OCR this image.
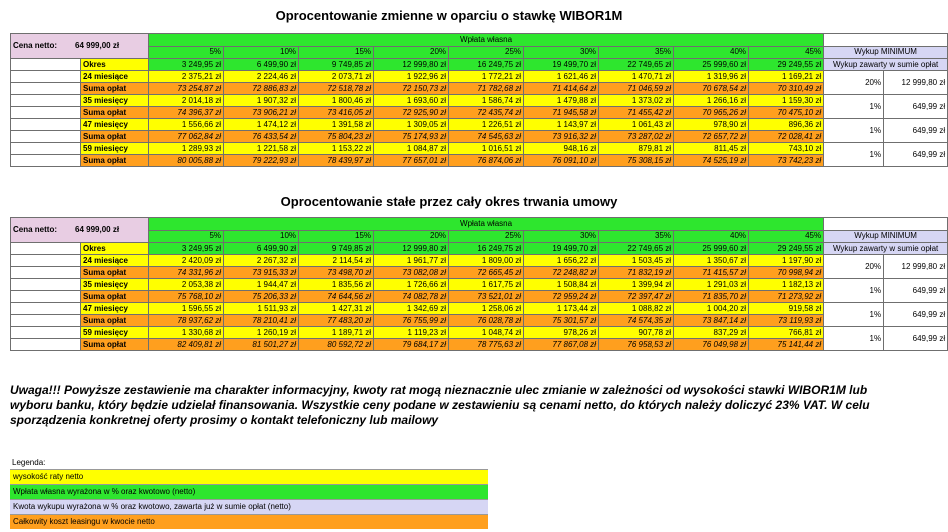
Oprocentowanie zmienne w oparciu o stawkę WIBOR1M
Cena netto: 64 999,00 zł		Wpłata własna										
		5%	10%	15%	20%	25%	30%	35%	40%	45%	Wykup MINIMUM	
	Okres	3 249,95 zł	6 499,90 zł	9 749,85 zł	12 999,80 zł	16 249,75 zł	19 499,70 zł	22 749,65 zł	25 999,60 zł	29 249,55 zł	Wykup zawarty w sumie opłat	
	24 miesiące	2 375,21 zł	2 224,46 zł	2 073,71 zł	1 922,96 zł	1 772,21 zł	1 621,46 zł	1 470,71 zł	1 319,96 zł	1 169,21 zł	20%	12 999,80 zł
	Suma opłat	73 254,87 zł	72 886,83 zł	72 518,78 zł	72 150,73 zł	71 782,68 zł	71 414,64 zł	71 046,59 zł	70 678,54 zł	70 310,49 zł		
	35 miesięcy	2 014,18 zł	1 907,32 zł	1 800,46 zł	1 693,60 zł	1 586,74 zł	1 479,88 zł	1 373,02 zł	1 266,16 zł	1 159,30 zł	1%	649,99 zł
	Suma opłat	74 396,37 zł	73 906,21 zł	73 416,05 zł	72 925,90 zł	72 435,74 zł	71 945,58 zł	71 455,42 zł	70 965,26 zł	70 475,10 zł		
	47 miesięcy	1 556,66 zł	1 474,12 zł	1 391,58 zł	1 309,05 zł	1 226,51 zł	1 143,97 zł	1 061,43 zł	978,90 zł	896,36 zł	1%	649,99 zł
	Suma opłat	77 062,84 zł	76 433,54 zł	75 804,23 zł	75 174,93 zł	74 545,63 zł	73 916,32 zł	73 287,02 zł	72 657,72 zł	72 028,41 zł		
	59 miesięcy	1 289,93 zł	1 221,58 zł	1 153,22 zł	1 084,87 zł	1 016,51 zł	948,16 zł	879,81 zł	811,45 zł	743,10 zł	1%	649,99 zł
	Suma opłat	80 005,88 zł	79 222,93 zł	78 439,97 zł	77 657,01 zł	76 874,06 zł	76 091,10 zł	75 308,15 zł	74 525,19 zł	73 742,23 zł		
Oprocentowanie stałe przez cały okres trwania umowy
Cena netto: 64 999,00 zł		Wpłata własna										
		5%	10%	15%	20%	25%	30%	35%	40%	45%	Wykup MINIMUM	
	Okres	3 249,95 zł	6 499,90 zł	9 749,85 zł	12 999,80 zł	16 249,75 zł	19 499,70 zł	22 749,65 zł	25 999,60 zł	29 249,55 zł	Wykup zawarty w sumie opłat	
	24 miesiące	2 420,09 zł	2 267,32 zł	2 114,54 zł	1 961,77 zł	1 809,00 zł	1 656,22 zł	1 503,45 zł	1 350,67 zł	1 197,90 zł	20%	12 999,80 zł
	Suma opłat	74 331,96 zł	73 915,33 zł	73 498,70 zł	73 082,08 zł	72 665,45 zł	72 248,82 zł	71 832,19 zł	71 415,57 zł	70 998,94 zł		
	35 miesięcy	2 053,38 zł	1 944,47 zł	1 835,56 zł	1 726,66 zł	1 617,75 zł	1 508,84 zł	1 399,94 zł	1 291,03 zł	1 182,13 zł	1%	649,99 zł
	Suma opłat	75 768,10 zł	75 206,33 zł	74 644,56 zł	74 082,78 zł	73 521,01 zł	72 959,24 zł	72 397,47 zł	71 835,70 zł	71 273,92 zł		
	47 miesięcy	1 596,55 zł	1 511,93 zł	1 427,31 zł	1 342,69 zł	1 258,06 zł	1 173,44 zł	1 088,82 zł	1 004,20 zł	919,58 zł	1%	649,99 zł
	Suma opłat	78 937,62 zł	78 210,41 zł	77 483,20 zł	76 755,99 zł	76 028,78 zł	75 301,57 zł	74 574,35 zł	73 847,14 zł	73 119,93 zł		
	59 miesięcy	1 330,68 zł	1 260,19 zł	1 189,71 zł	1 119,23 zł	1 048,74 zł	978,26 zł	907,78 zł	837,29 zł	766,81 zł	1%	649,99 zł
	Suma opłat	82 409,81 zł	81 501,27 zł	80 592,72 zł	79 684,17 zł	78 775,63 zł	77 867,08 zł	76 958,53 zł	76 049,98 zł	75 141,44 zł		
Uwaga!!! Powyższe zestawienie ma charakter informacyjny, kwoty rat mogą nieznacznie ulec zmianie w zależności od wysokości stawki WIBOR1M lub wyboru banku, który będzie udzielał finansowania. Wszystkie ceny podane w zestawieniu są cenami netto, do których należy doliczyć 23% VAT. W celu sporządzenia konkretnej oferty prosimy o kontakt telefoniczny lub mailowy
Legenda:
wysokość raty netto
Wpłata własna wyrażona w % oraz kwotowo (netto)
Kwota wykupu wyrażona w % oraz kwotowo, zawarta już w sumie opłat (netto)
Całkowity koszt leasingu w kwocie netto
